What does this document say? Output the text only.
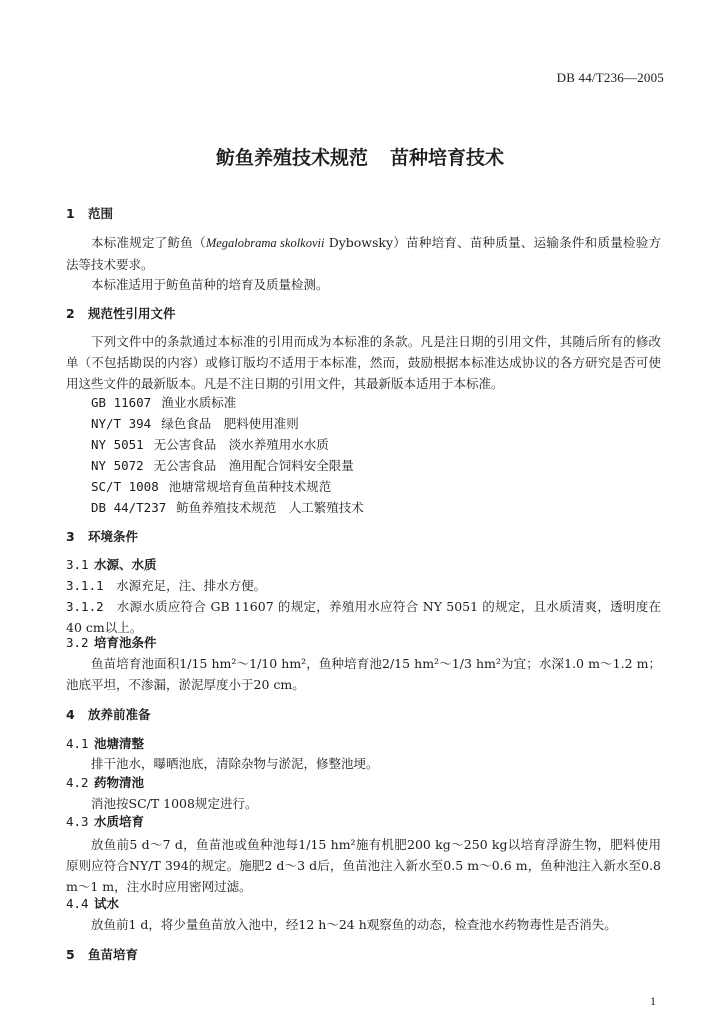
DB 44/T236—2005
鲂鱼养殖技术规范 苗种培育技术
1 范围
本标准规定了鲂鱼（Megalobrama skolkovii Dybowsky）苗种培育、苗种质量、运输条件和质量检验方法等技术要求。
本标准适用于鲂鱼苗种的培育及质量检测。
2 规范性引用文件
下列文件中的条款通过本标准的引用而成为本标准的条款。凡是注日期的引用文件，其随后所有的修改单（不包括勘误的内容）或修订版均不适用于本标准，然而，鼓励根据本标准达成协议的各方研究是否可使用这些文件的最新版本。凡是不注日期的引用文件，其最新版本适用于本标准。
GB 11607 渔业水质标准
NY/T 394 绿色食品　肥料使用准则
NY 5051 无公害食品　淡水养殖用水水质
NY 5072 无公害食品　渔用配合饲料安全限量
SC/T 1008 池塘常规培育鱼苗种技术规范
DB 44/T237 鲂鱼养殖技术规范　人工繁殖技术
3 环境条件
3.1 水源、水质
3.1.1　 水源充足，注、排水方便。
3.1.2　 水源水质应符合 GB 11607 的规定，养殖用水应符合 NY 5051 的规定，且水质清爽，透明度在40 cm以上。
3.2 培育池条件
鱼苗培育池面积1/15 hm²～1/10 hm²，鱼种培育池2/15 hm²～1/3 hm²为宜；水深1.0 m～1.2 m；池底平坦，不渗漏，淤泥厚度小于20 cm。
4 放养前准备
4.1 池塘清整
排干池水，曝晒池底，清除杂物与淤泥，修整池埂。
4.2 药物清池
消池按SC/T 1008规定进行。
4.3 水质培育
放鱼前5 d～7 d，鱼苗池或鱼种池每1/15 hm²施有机肥200 kg～250 kg以培育浮游生物，肥料使用原则应符合NY/T 394的规定。施肥2 d～3 d后，鱼苗池注入新水至0.5 m～0.6 m，鱼种池注入新水至0.8 m～1 m，注水时应用密网过滤。
4.4 试水
放鱼前1 d，将少量鱼苗放入池中，经12 h～24 h观察鱼的动态，检查池水药物毒性是否消失。
5 鱼苗培育
1
